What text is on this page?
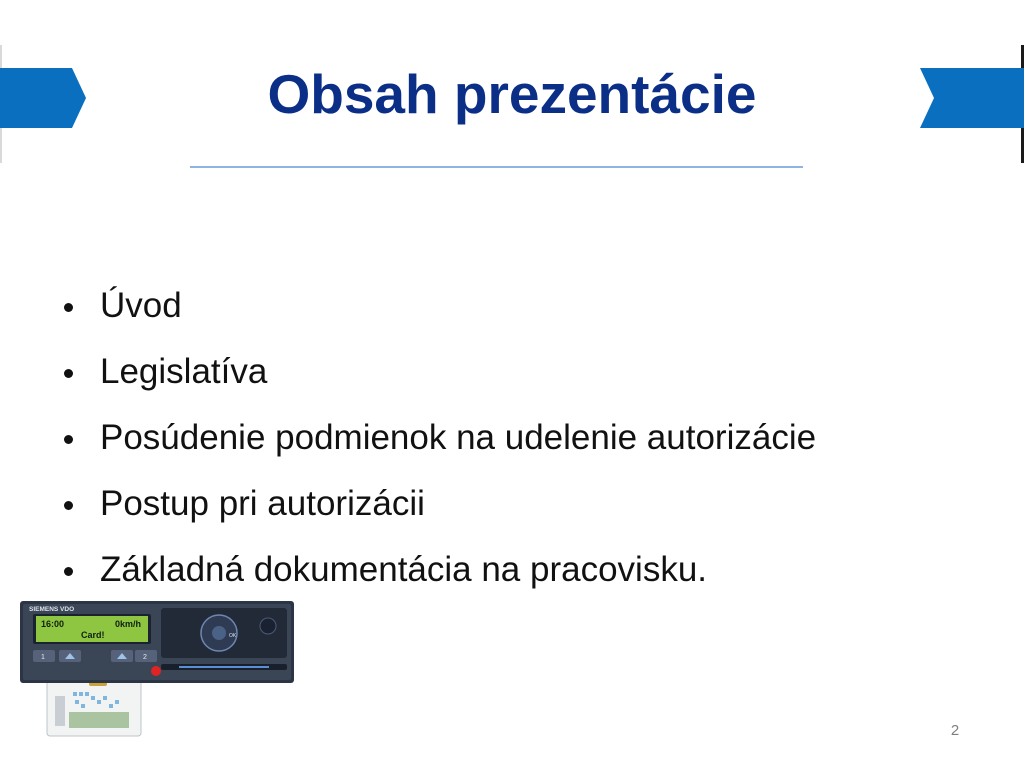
Obsah prezentácie
Úvod
Legislatíva
Posúdenie podmienok na udelenie autorizácie
Postup pri autorizácii
Základná dokumentácia na pracovisku.
SIEMENS VDO
16:00	0km/h
Card!
1	2
OK
2
